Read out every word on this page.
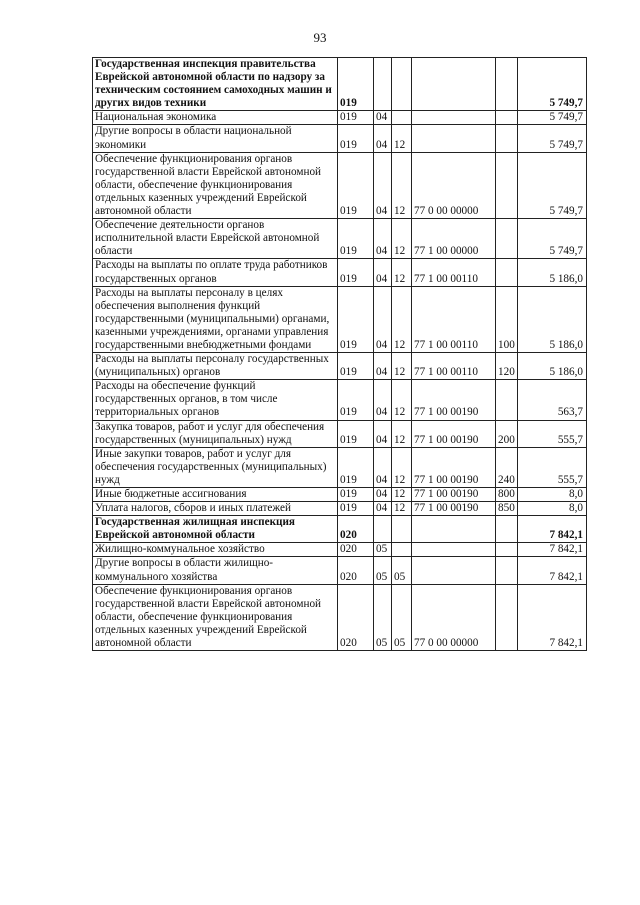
93
Государственная инспекция правительства Еврейской автономной области по надзору за техническим состоянием самоходных машин и других видов техники	019					5 749,7
Национальная экономика	019	04				5 749,7
Другие вопросы в области национальной экономики	019	04	12			5 749,7
Обеспечение функционирования органов государственной власти Еврейской автономной области, обеспечение функционирования отдельных казенных учреждений Еврейской автономной области	019	04	12	77 0 00 00000		5 749,7
Обеспечение деятельности органов исполнительной власти Еврейской автономной области	019	04	12	77 1 00 00000		5 749,7
Расходы на выплаты по оплате труда работников государственных органов	019	04	12	77 1 00 00110		5 186,0
Расходы на выплаты персоналу в целях обеспечения выполнения функций государственными (муниципальными) органами, казенными учреждениями, органами управления государственными внебюджетными фондами	019	04	12	77 1 00 00110	100	5 186,0
Расходы на выплаты персоналу государственных (муниципальных) органов	019	04	12	77 1 00 00110	120	5 186,0
Расходы на обеспечение функций государственных органов, в том числе территориальных органов	019	04	12	77 1 00 00190		563,7
Закупка товаров, работ и услуг для обеспечения государственных (муниципальных) нужд	019	04	12	77 1 00 00190	200	555,7
Иные закупки товаров, работ и услуг для обеспечения государственных (муниципальных) нужд	019	04	12	77 1 00 00190	240	555,7
Иные бюджетные ассигнования	019	04	12	77 1 00 00190	800	8,0
Уплата налогов, сборов и иных платежей	019	04	12	77 1 00 00190	850	8,0
Государственная жилищная инспекция Еврейской автономной области	020					7 842,1
Жилищно-коммунальное хозяйство	020	05				7 842,1
Другие вопросы в области жилищно-коммунального хозяйства	020	05	05			7 842,1
Обеспечение функционирования органов государственной власти Еврейской автономной области, обеспечение функционирования отдельных казенных учреждений Еврейской автономной области	020	05	05	77 0 00 00000		7 842,1
